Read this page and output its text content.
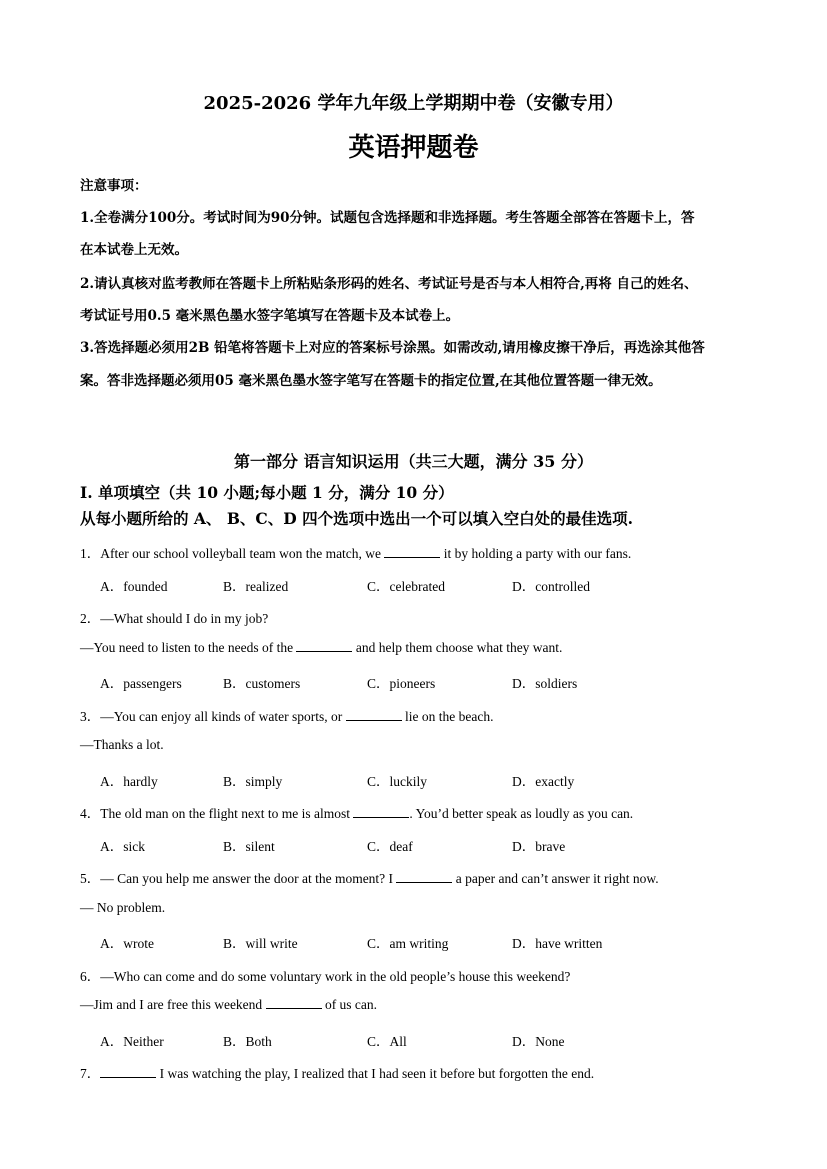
2025-2026 学年九年级上学期期中卷（安徽专用）
英语押题卷
注意事项：
1.全卷满分100分。考试时间为90分钟。试题包含选择题和非选择题。考生答题全部答在答题卡上，答
在本试卷上无效。
2.请认真核对监考教师在答题卡上所粘贴条形码的姓名、考试证号是否与本人相符合,再将 自己的姓名、
考试证号用0.5 毫米黑色墨水签字笔填写在答题卡及本试卷上。
3.答选择题必须用2B 铅笔将答题卡上对应的答案标号涂黑。如需改动,请用橡皮擦干净后，再选涂其他答
案。答非选择题必须用05 毫米黑色墨水签字笔写在答题卡的指定位置,在其他位置答题一律无效。
第一部分 语言知识运用（共三大题，满分 35 分）
I. 单项填空（共 10 小题;每小题 1 分，满分 10 分）
从每小题所给的 A、 B、C、D 四个选项中选出一个可以填入空白处的最佳选项.
1．After our school volleyball team won the match, we	it by holding a party with our fans.
A．founded	B．realized	C．celebrated	D．controlled
2．—What should I do in my job?
—You need to listen to the needs of the	and help them choose what they want.
A．passengers	B．customers	C．pioneers	D．soldiers
3．—You can enjoy all kinds of water sports, or	lie on the beach.
—Thanks a lot.
A．hardly	B．simply	C．luckily	D．exactly
4．The old man on the flight next to me is almost	. You’d better speak as loudly as you can.
A．sick	B．silent	C．deaf	D．brave
5．— Can you help me answer the door at the moment? I	a paper and can’t answer it right now.
— No problem.
A．wrote	B．will write	C．am writing	D．have written
6．—Who can come and do some voluntary work in the old people’s house this weekend?
—Jim and I are free this weekend	of us can.
A．Neither	B．Both	C．All	D．None
7．	I was watching the play, I realized that I had seen it before but forgotten the end.
